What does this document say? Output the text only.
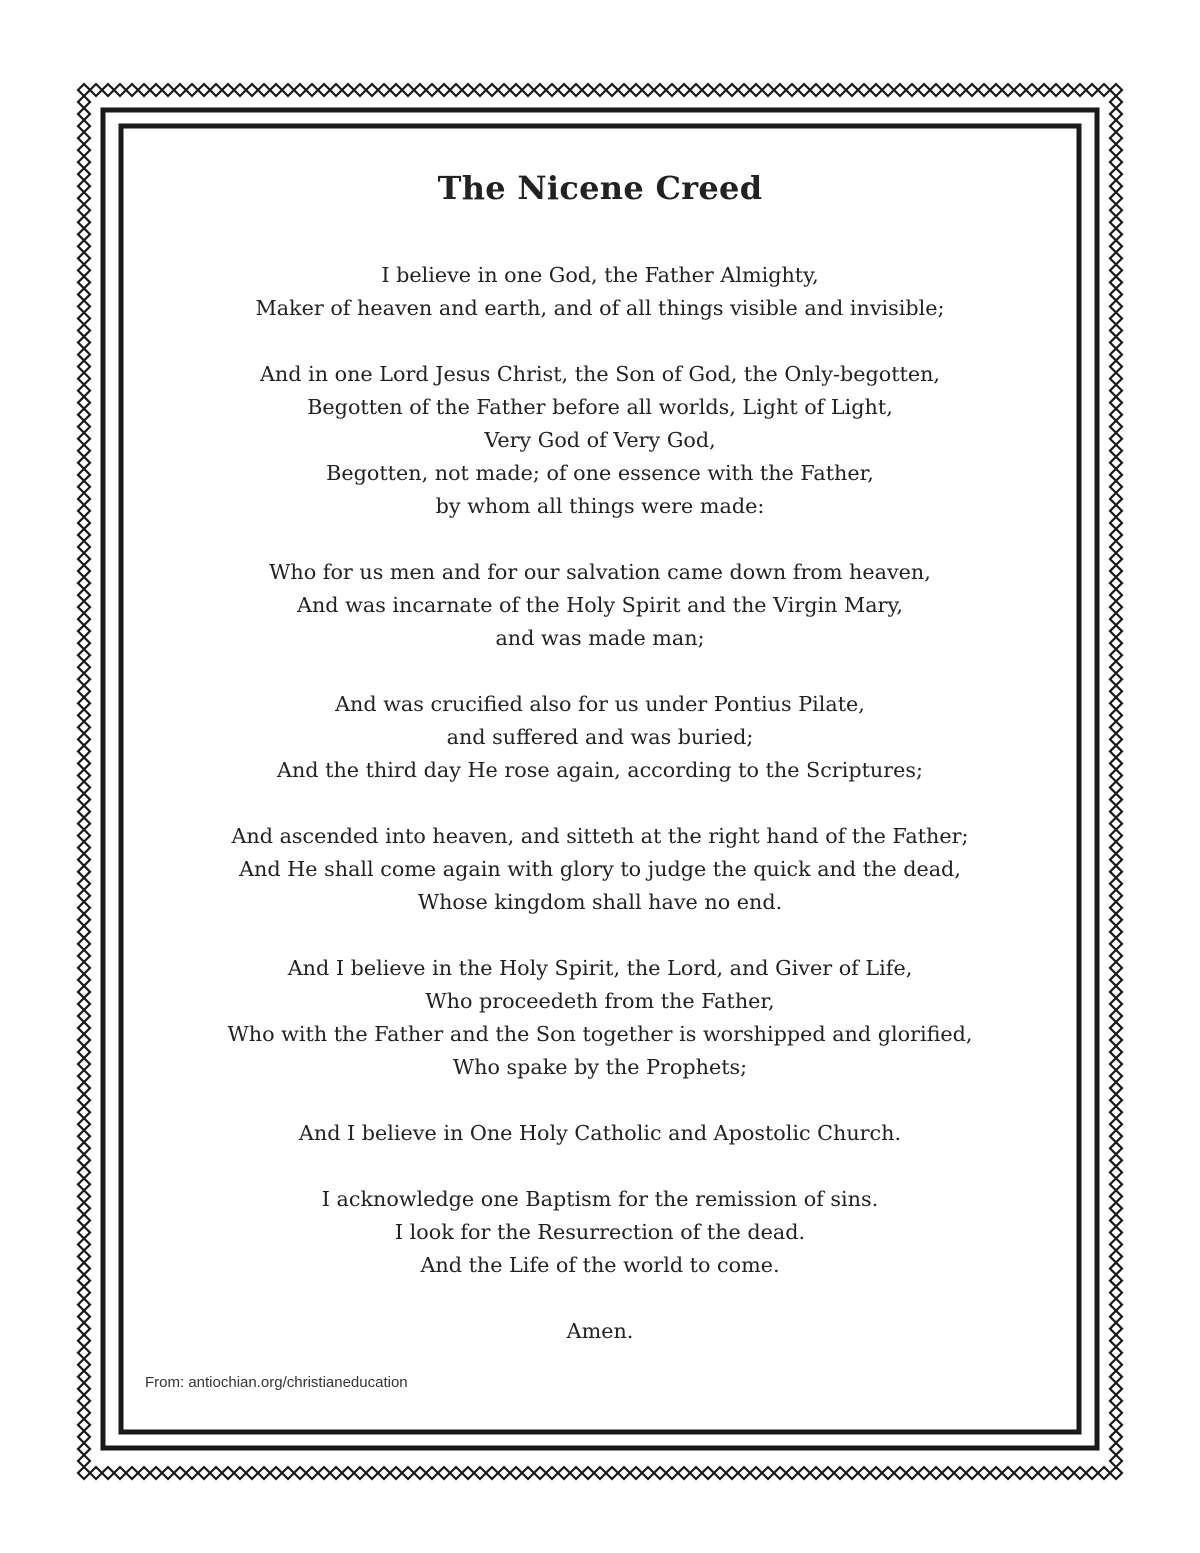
The Nicene Creed
I believe in one God, the Father Almighty,
Maker of heaven and earth, and of all things visible and invisible;
And in one Lord Jesus Christ, the Son of God, the Only-begotten,
Begotten of the Father before all worlds, Light of Light,
Very God of Very God,
Begotten, not made; of one essence with the Father,
by whom all things were made:
Who for us men and for our salvation came down from heaven,
And was incarnate of the Holy Spirit and the Virgin Mary,
and was made man;
And was crucified also for us under Pontius Pilate,
and suffered and was buried;
And the third day He rose again, according to the Scriptures;
And ascended into heaven, and sitteth at the right hand of the Father;
And He shall come again with glory to judge the quick and the dead,
Whose kingdom shall have no end.
And I believe in the Holy Spirit, the Lord, and Giver of Life,
Who proceedeth from the Father,
Who with the Father and the Son together is worshipped and glorified,
Who spake by the Prophets;
And I believe in One Holy Catholic and Apostolic Church.
I acknowledge one Baptism for the remission of sins.
I look for the Resurrection of the dead.
And the Life of the world to come.
Amen.
From: antiochian.org/christianeducation
